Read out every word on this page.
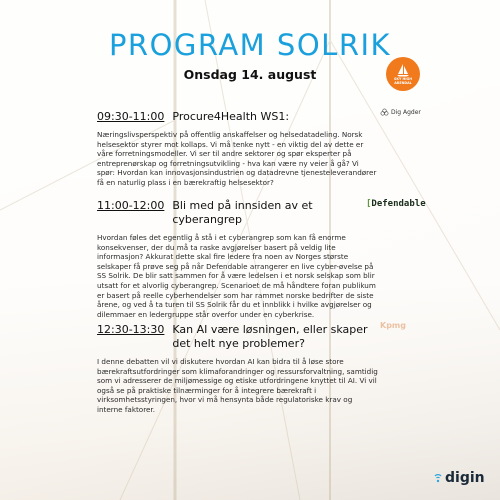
PROGRAM SOLRIK
Onsdag 14. august	SKY HIGH
ARENDAL
09:30-11:00 Procure4Health WS1:
Næringslivsperspektiv på offentlig anskaffelser og helsedatadeling. Norsk helsesektor styrer mot kollaps. Vi må tenke nytt - en viktig del av dette er våre forretningsmodeller. Vi ser til andre sektorer og spør eksperter på entreprenørskap og forretningsutvikling - hva kan være ny veier å gå? Vi spør: Hvordan kan innovasjonsindustrien og datadrevne tjenesteleverandører få en naturlig plass i en bærekraftig helsesektor?
Dig Agder
11:00-12:00 Bli med på innsiden av et cyberangrep
Hvordan føles det egentlig å stå i et cyberangrep som kan få enorme konsekvenser, der du må ta raske avgjørelser basert på veldig lite informasjon? Akkurat dette skal fire ledere fra noen av Norges største selskaper få prøve seg på når Defendable arrangerer en live cyber-øvelse på SS Solrik. De blir satt sammen for å være ledelsen i et norsk selskap som blir utsatt for et alvorlig cyberangrep. Scenarioet de må håndtere foran publikum er basert på reelle cyberhendelser som har rammet norske bedrifter de siste årene, og ved å ta turen til SS Solrik får du et innblikk i hvilke avgjørelser og dilemmaer en ledergruppe står overfor under en cyberkrise.
[Defendable
12:30-13:30 Kan AI være løsningen, eller skaper det helt nye problemer?
I denne debatten vil vi diskutere hvordan AI kan bidra til å løse store bærekraftsutfordringer som klimaforandringer og ressursforvaltning, samtidig som vi adresserer de miljømessige og etiske utfordringene knyttet til AI. Vi vil også se på praktiske tilnærminger for å integrere bærekraft i virksomhetsstyringen, hvor vi må hensynta både regulatoriske krav og interne faktorer.
Kpmg
digin
